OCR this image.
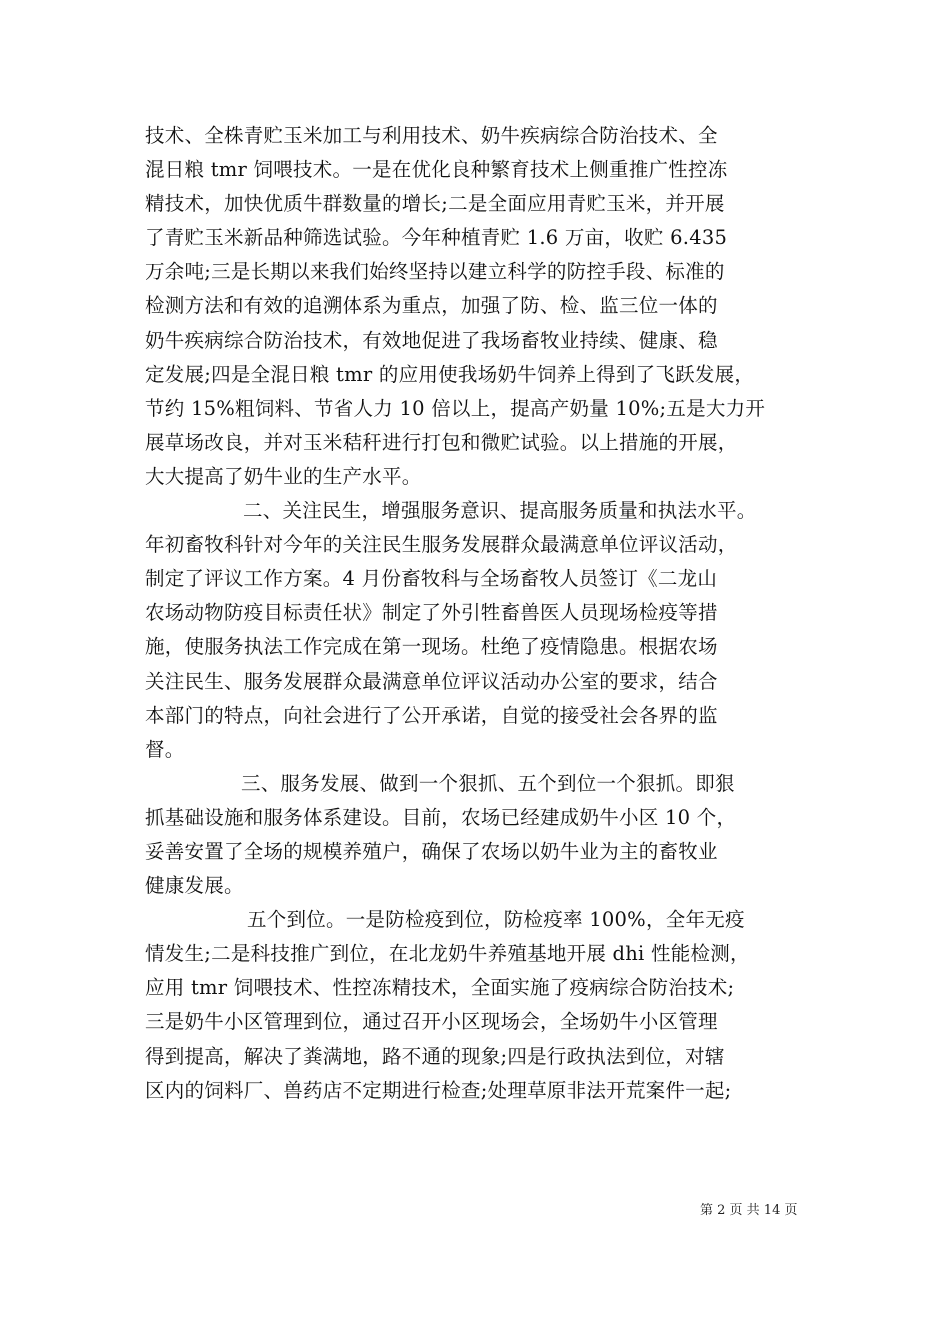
技术、全株青贮玉米加工与利用技术、奶牛疾病综合防治技术、全
混日粮 tmr 饲喂技术。一是在优化良种繁育技术上侧重推广性控冻
精技术，加快优质牛群数量的增长;二是全面应用青贮玉米，并开展
了青贮玉米新品种筛选试验。今年种植青贮 1.6 万亩，收贮 6.435
万余吨;三是长期以来我们始终坚持以建立科学的防控手段、标准的
检测方法和有效的追溯体系为重点，加强了防、检、监三位一体的
奶牛疾病综合防治技术，有效地促进了我场畜牧业持续、健康、稳
定发展;四是全混日粮 tmr 的应用使我场奶牛饲养上得到了飞跃发展，
节约 15%粗饲料、节省人力 10 倍以上，提高产奶量 10%;五是大力开
展草场改良，并对玉米秸秆进行打包和微贮试验。以上措施的开展，
大大提高了奶牛业的生产水平。
二、关注民生，增强服务意识、提高服务质量和执法水平。
年初畜牧科针对今年的关注民生服务发展群众最满意单位评议活动，
制定了评议工作方案。4 月份畜牧科与全场畜牧人员签订《二龙山
农场动物防疫目标责任状》制定了外引牲畜兽医人员现场检疫等措
施，使服务执法工作完成在第一现场。杜绝了疫情隐患。根据农场
关注民生、服务发展群众最满意单位评议活动办公室的要求，结合
本部门的特点，向社会进行了公开承诺，自觉的接受社会各界的监
督。
三、服务发展、做到一个狠抓、五个到位一个狠抓。即狠
抓基础设施和服务体系建设。目前，农场已经建成奶牛小区 10 个，
妥善安置了全场的规模养殖户，确保了农场以奶牛业为主的畜牧业
健康发展。
五个到位。一是防检疫到位，防检疫率 100%，全年无疫
情发生;二是科技推广到位，在北龙奶牛养殖基地开展 dhi 性能检测，
应用 tmr 饲喂技术、性控冻精技术，全面实施了疫病综合防治技术;
三是奶牛小区管理到位，通过召开小区现场会，全场奶牛小区管理
得到提高，解决了粪满地，路不通的现象;四是行政执法到位，对辖
区内的饲料厂、兽药店不定期进行检查;处理草原非法开荒案件一起;
第 2 页 共 14 页
